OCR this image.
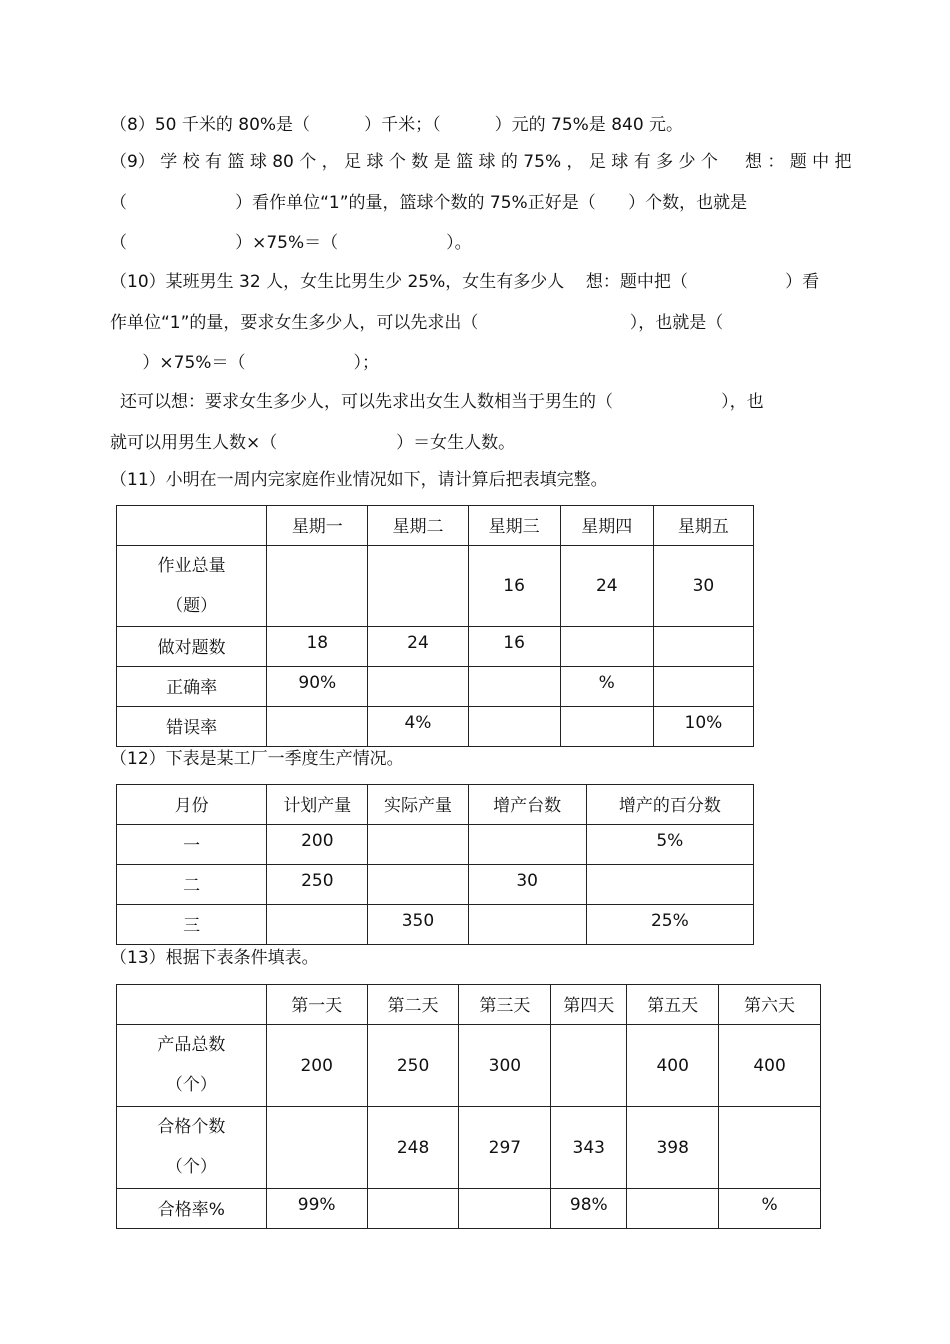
（8）50 千米的 80%是（          ）千米；（          ）元的 75%是 840 元。
（9） 学 校 有 篮 球 80 个 ， 足 球 个 数 是 篮 球 的 75% ， 足 球 有 多 少 个     想 ： 题 中 把
（                    ）看作单位“1”的量，篮球个数的 75%正好是（      ）个数，也就是
（                    ）×75%＝（                    ）。
（10）某班男生 32 人，女生比男生少 25%，女生有多少人    想：题中把（                  ）看
作单位“1”的量，要求女生多少人，可以先求出（                            ），也就是（
）×75%＝（                    ）；
还可以想：要求女生多少人，可以先求出女生人数相当于男生的（                    ），也
就可以用男生人数×（                      ）＝女生人数。
（11）小明在一周内完家庭作业情况如下，请计算后把表填完整。
	星期一	星期二	星期三	星期四	星期五

作业总量
（题）			16	24	30
做对题数	18	24	16		
正确率	90%			%	
错误率		4%			10%
（12）下表是某工厂一季度生产情况。
月份	计划产量	实际产量	增产台数	增产的百分数
一	200			5%
二	250		30	
三		350		25%
（13）根据下表条件填表。
	第一天	第二天	第三天	第四天	第五天	第六天

产品总数
（个）	200	250	300		400	400

合格个数
（个）		248	297	343	398	
合格率%	99%			98%		%
